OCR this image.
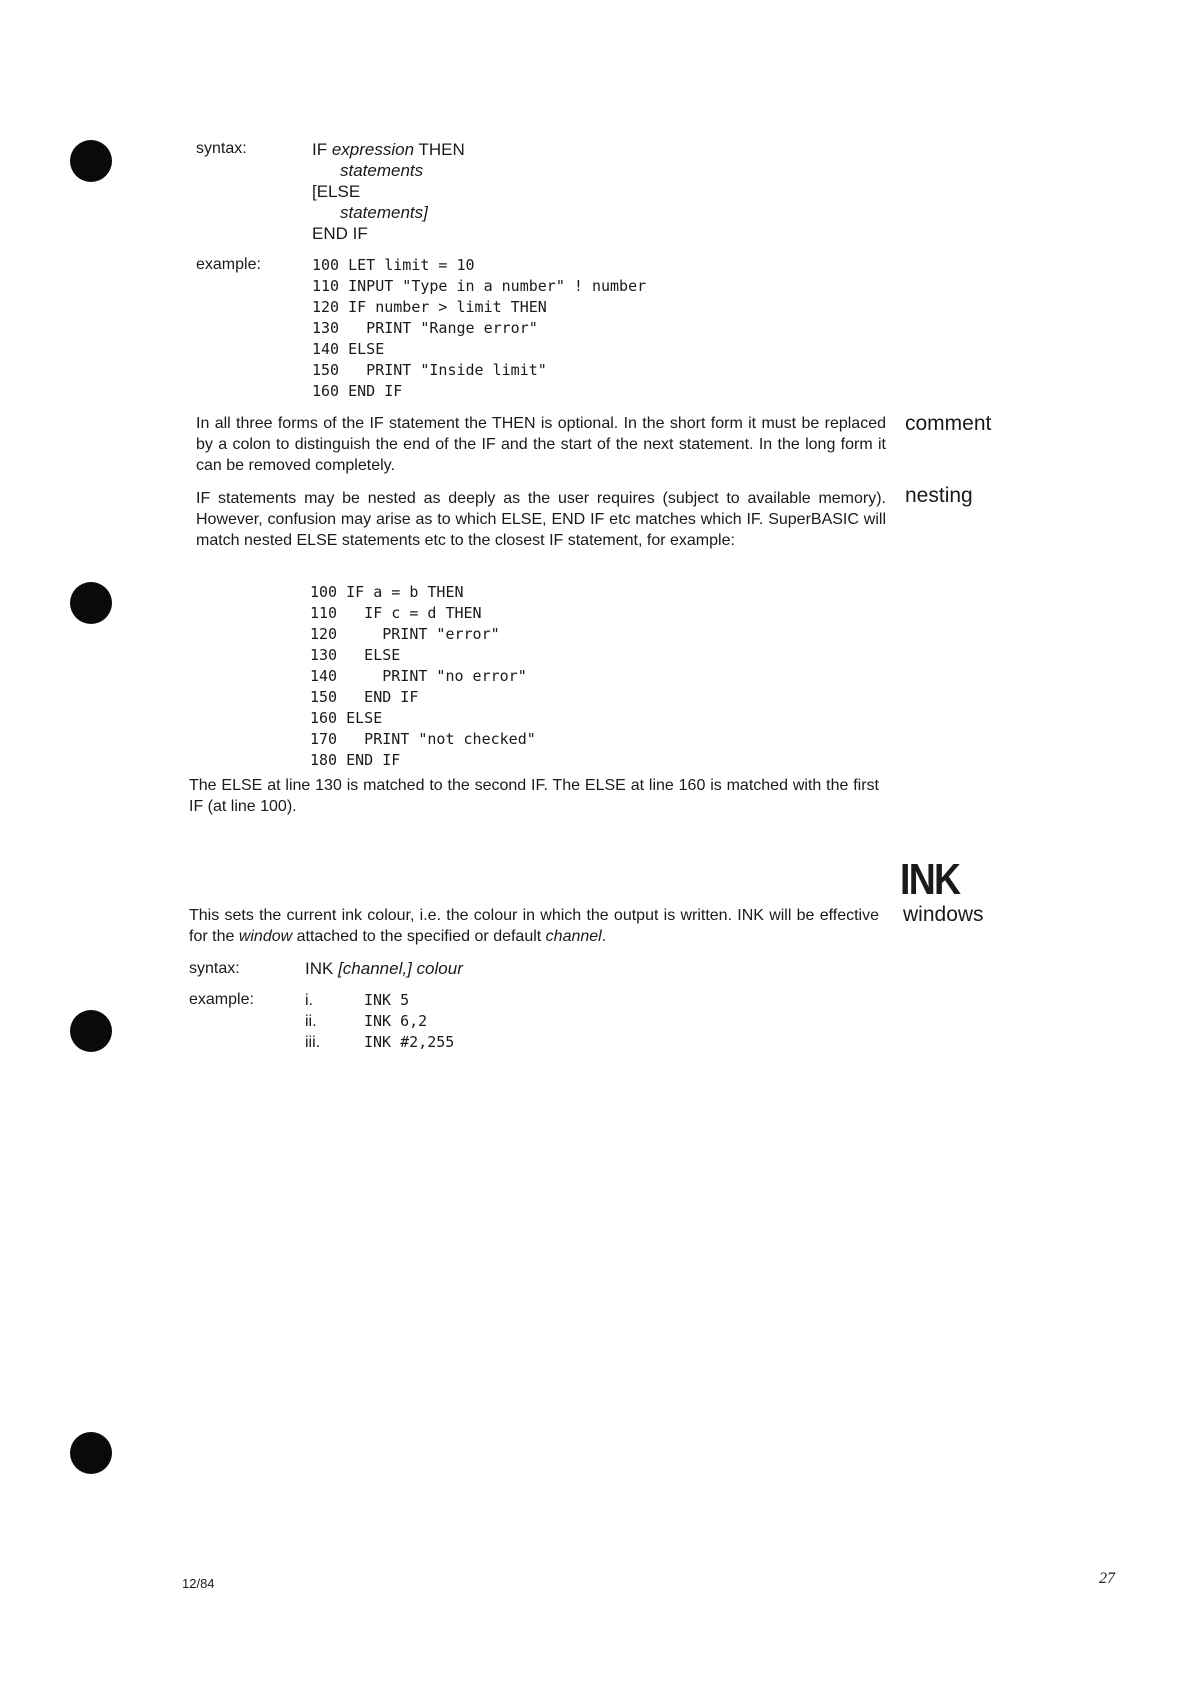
syntax:	IF expression THEN
statements
[ELSE
statements]
END IF
example:	100 LET limit = 10
110 INPUT "Type in a number" ! number
120 IF number > limit THEN
130   PRINT "Range error"
140 ELSE
150   PRINT "Inside limit"
160 END IF
In all three forms of the IF statement the THEN is optional. In the short form it must be replaced by a colon to distinguish the end of the IF and the start of the next statement. In the long form it can be removed completely.
comment
IF statements may be nested as deeply as the user requires (subject to available memory). However, confusion may arise as to which ELSE, END IF etc matches which IF. SuperBASIC will match nested ELSE statements etc to the closest IF statement, for example:
nesting
100 IF a = b THEN
110   IF c = d THEN
120     PRINT "error"
130   ELSE
140     PRINT "no error"
150   END IF
160 ELSE
170   PRINT "not checked"
180 END IF
The ELSE at line 130 is matched to the second IF. The ELSE at line 160 is matched with the first IF (at line 100).
INK
windows
This sets the current ink colour, i.e. the colour in which the output is written. INK will be effective for the window attached to the specified or default channel.
syntax:	INK [channel,] colour
example:	i.	INK 5
ii.	INK 6,2
iii.	INK #2,255
12/84	27
